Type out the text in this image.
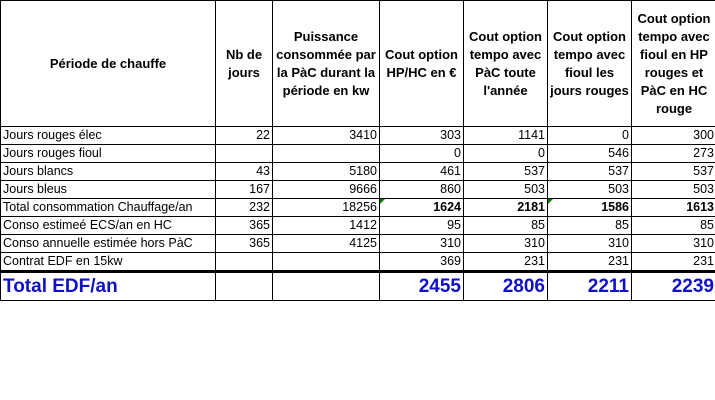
Période de chauffe	Nb de jours	Puissance consommée par la PàC durant la période en kw	Cout option HP/HC en €	Cout option tempo avec PàC toute l'année	Cout option tempo avec fioul les jours rouges	Cout option tempo avec fioul en HP rouges et PàC en HC rouge
Jours rouges élec	22	3410	303	1141	0	300
Jours rouges fioul			0	0	546	273
Jours blancs	43	5180	461	537	537	537
Jours bleus	167	9666	860	503	503	503
Total consommation Chauffage/an	232	18256	1624	2181	1586	1613
Conso estimeé ECS/an en HC	365	1412	95	85	85	85
Conso annuelle estimée hors PàC	365	4125	310	310	310	310
Contrat EDF en 15kw			369	231	231	231
Total EDF/an			2455	2806	2211	2239
